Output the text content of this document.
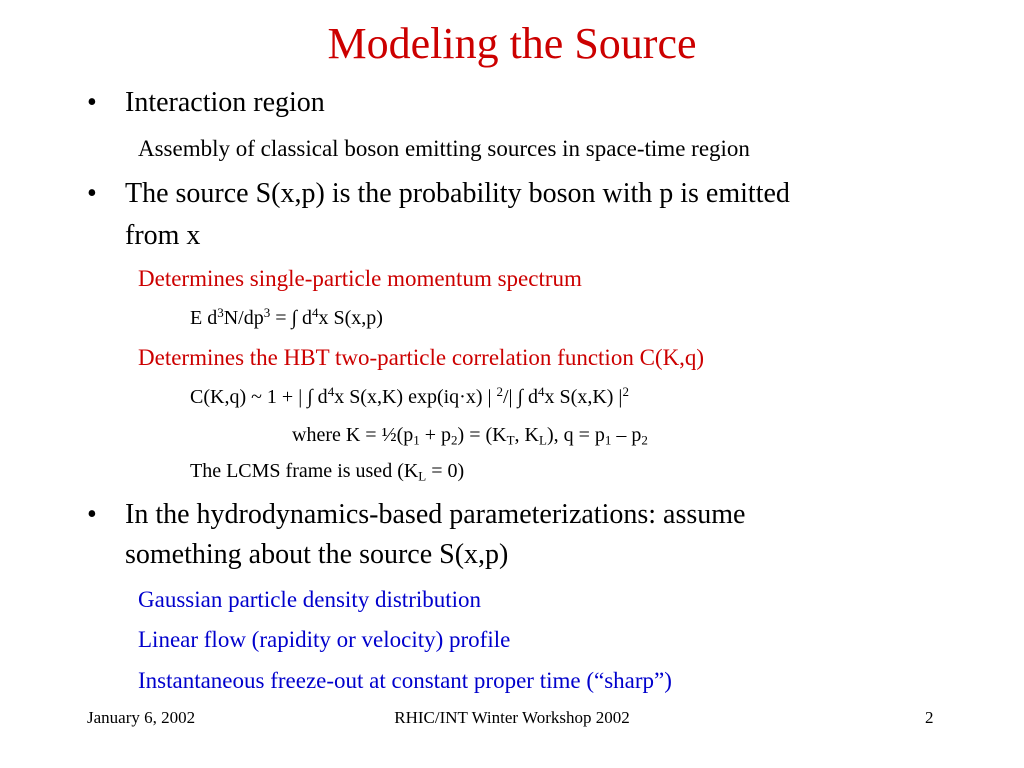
Modeling the Source
• Interaction region
Assembly of classical boson emitting sources in space-time region
• The source S(x,p) is the probability boson with p is emitted
from x
Determines single-particle momentum spectrum
E $d^3N/dp^3$ = ∫ $d^4x$ S(x,p)
Determines the HBT two-particle correlation function C(K,q)
C(K,q) ~ 1 + | ∫ $d^4x$ S(x,K) exp(iq·x) | $^2$/| ∫ $d^4x$ S(x,K) $|^2$
where $K = \frac{1}{2}(p_1 + p_2) = (K_T$, $K_L$), $q = p_1 - p_2$
The LCMS frame is used $(K_L = 0)$
• In the hydrodynamics-based parameterizations: assume
something about the source S(x,p)
Gaussian particle density distribution
Linear flow (rapidity or velocity) profile
Instantaneous freeze-out at constant proper time (“sharp”)
January 6, 2002	RHIC/INT Winter Workshop 2002	2
